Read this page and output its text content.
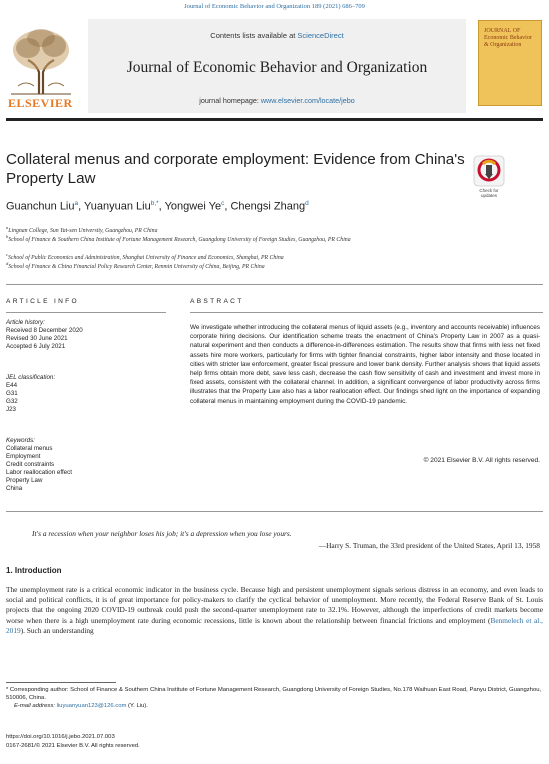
Journal of Economic Behavior and Organization 189 (2021) 686–709
ELSEVIER
Contents lists available at ScienceDirect
Journal of Economic Behavior and Organization
journal homepage: www.elsevier.com/locate/jebo
JOURNAL OF Economic Behavior & Organization
Collateral menus and corporate employment: Evidence from China's Property Law
Check for updates
Guanchun Liu$^a$, Yuanyuan Liu$^{b,*}$, Yongwei Ye$^c$, Chengsi Zhang$^d$
$^a$Lingnan College, Sun Yat-sen University, Guangzhou, PR China
$^b$School of Finance & Southern China Institute of Fortune Management Research, Guangdong University of Foreign Studies, Guangzhou, PR China
$^c$School of Public Economics and Administration, Shanghai University of Finance and Economics, Shanghai, PR China
$^d$School of Finance & China Financial Policy Research Center, Renmin University of China, Beijing, PR China
ARTICLE INFO
Article history:
Received 8 December 2020
Revised 30 June 2021
Accepted 6 July 2021
JEL classification:
E44
G31
G32
J23
Keywords:
Collateral menus
Employment
Credit constraints
Labor reallocation effect
Property Law
China
ABSTRACT
We investigate whether introducing the collateral menus of liquid assets (e.g., inventory and accounts receivable) influences corporate hiring decisions. Our identification scheme treats the enactment of China's Property Law in 2007 as a quasi-natural experiment and then conducts a difference-in-differences estimation. The results show that firms with less net fixed assets hire more workers, particularly for firms with tighter financial constraints, higher labor intensity and those located in cities with stricter law enforcement, greater fiscal pressure and lower bank density. Further analysis shows that liquid assets help firms obtain more debt, save less cash, decrease the cash flow sensitivity of cash and investment and invest more in fixed assets, consistent with the collateral channel. In addition, a significant convergence of labor productivity across firms illustrates that the Property Law also has a labor reallocation effect. Our findings shed light on the importance of expanding collateral menus in maintaining employment during the COVID-19 pandemic.
© 2021 Elsevier B.V. All rights reserved.
It's a recession when your neighbor loses his job; it's a depression when you lose yours.
—Harry S. Truman, the 33rd president of the United States, April 13, 1958
1. Introduction
The unemployment rate is a critical economic indicator in the business cycle. Because high and persistent unemployment signals serious distress in an economy, and even leads to social and political conflicts, it is of great importance for policy-makers to clarify the cyclical behavior of unemployment. More recently, the Federal Reserve Bank of St. Louis projects that the ongoing 2020 COVID-19 outbreak could push the second-quarter unemployment rate to 32.1%. However, although the imperfections of credit markets become worse when there is a high unemployment rate during economic recessions, little is known about the relationship between financial frictions and employment (Benmelech et al., 2019). Such an understanding
* Corresponding author: School of Finance & Southern China Institute of Fortune Management Research, Guangdong University of Foreign Studies, No.178 Waihuan East Road, Panyu District, Guangzhou, 510006, China.
E-mail address: liuyuanyuan123@126.com (Y. Liu).
https://doi.org/10.1016/j.jebo.2021.07.003
0167-2681/© 2021 Elsevier B.V. All rights reserved.
